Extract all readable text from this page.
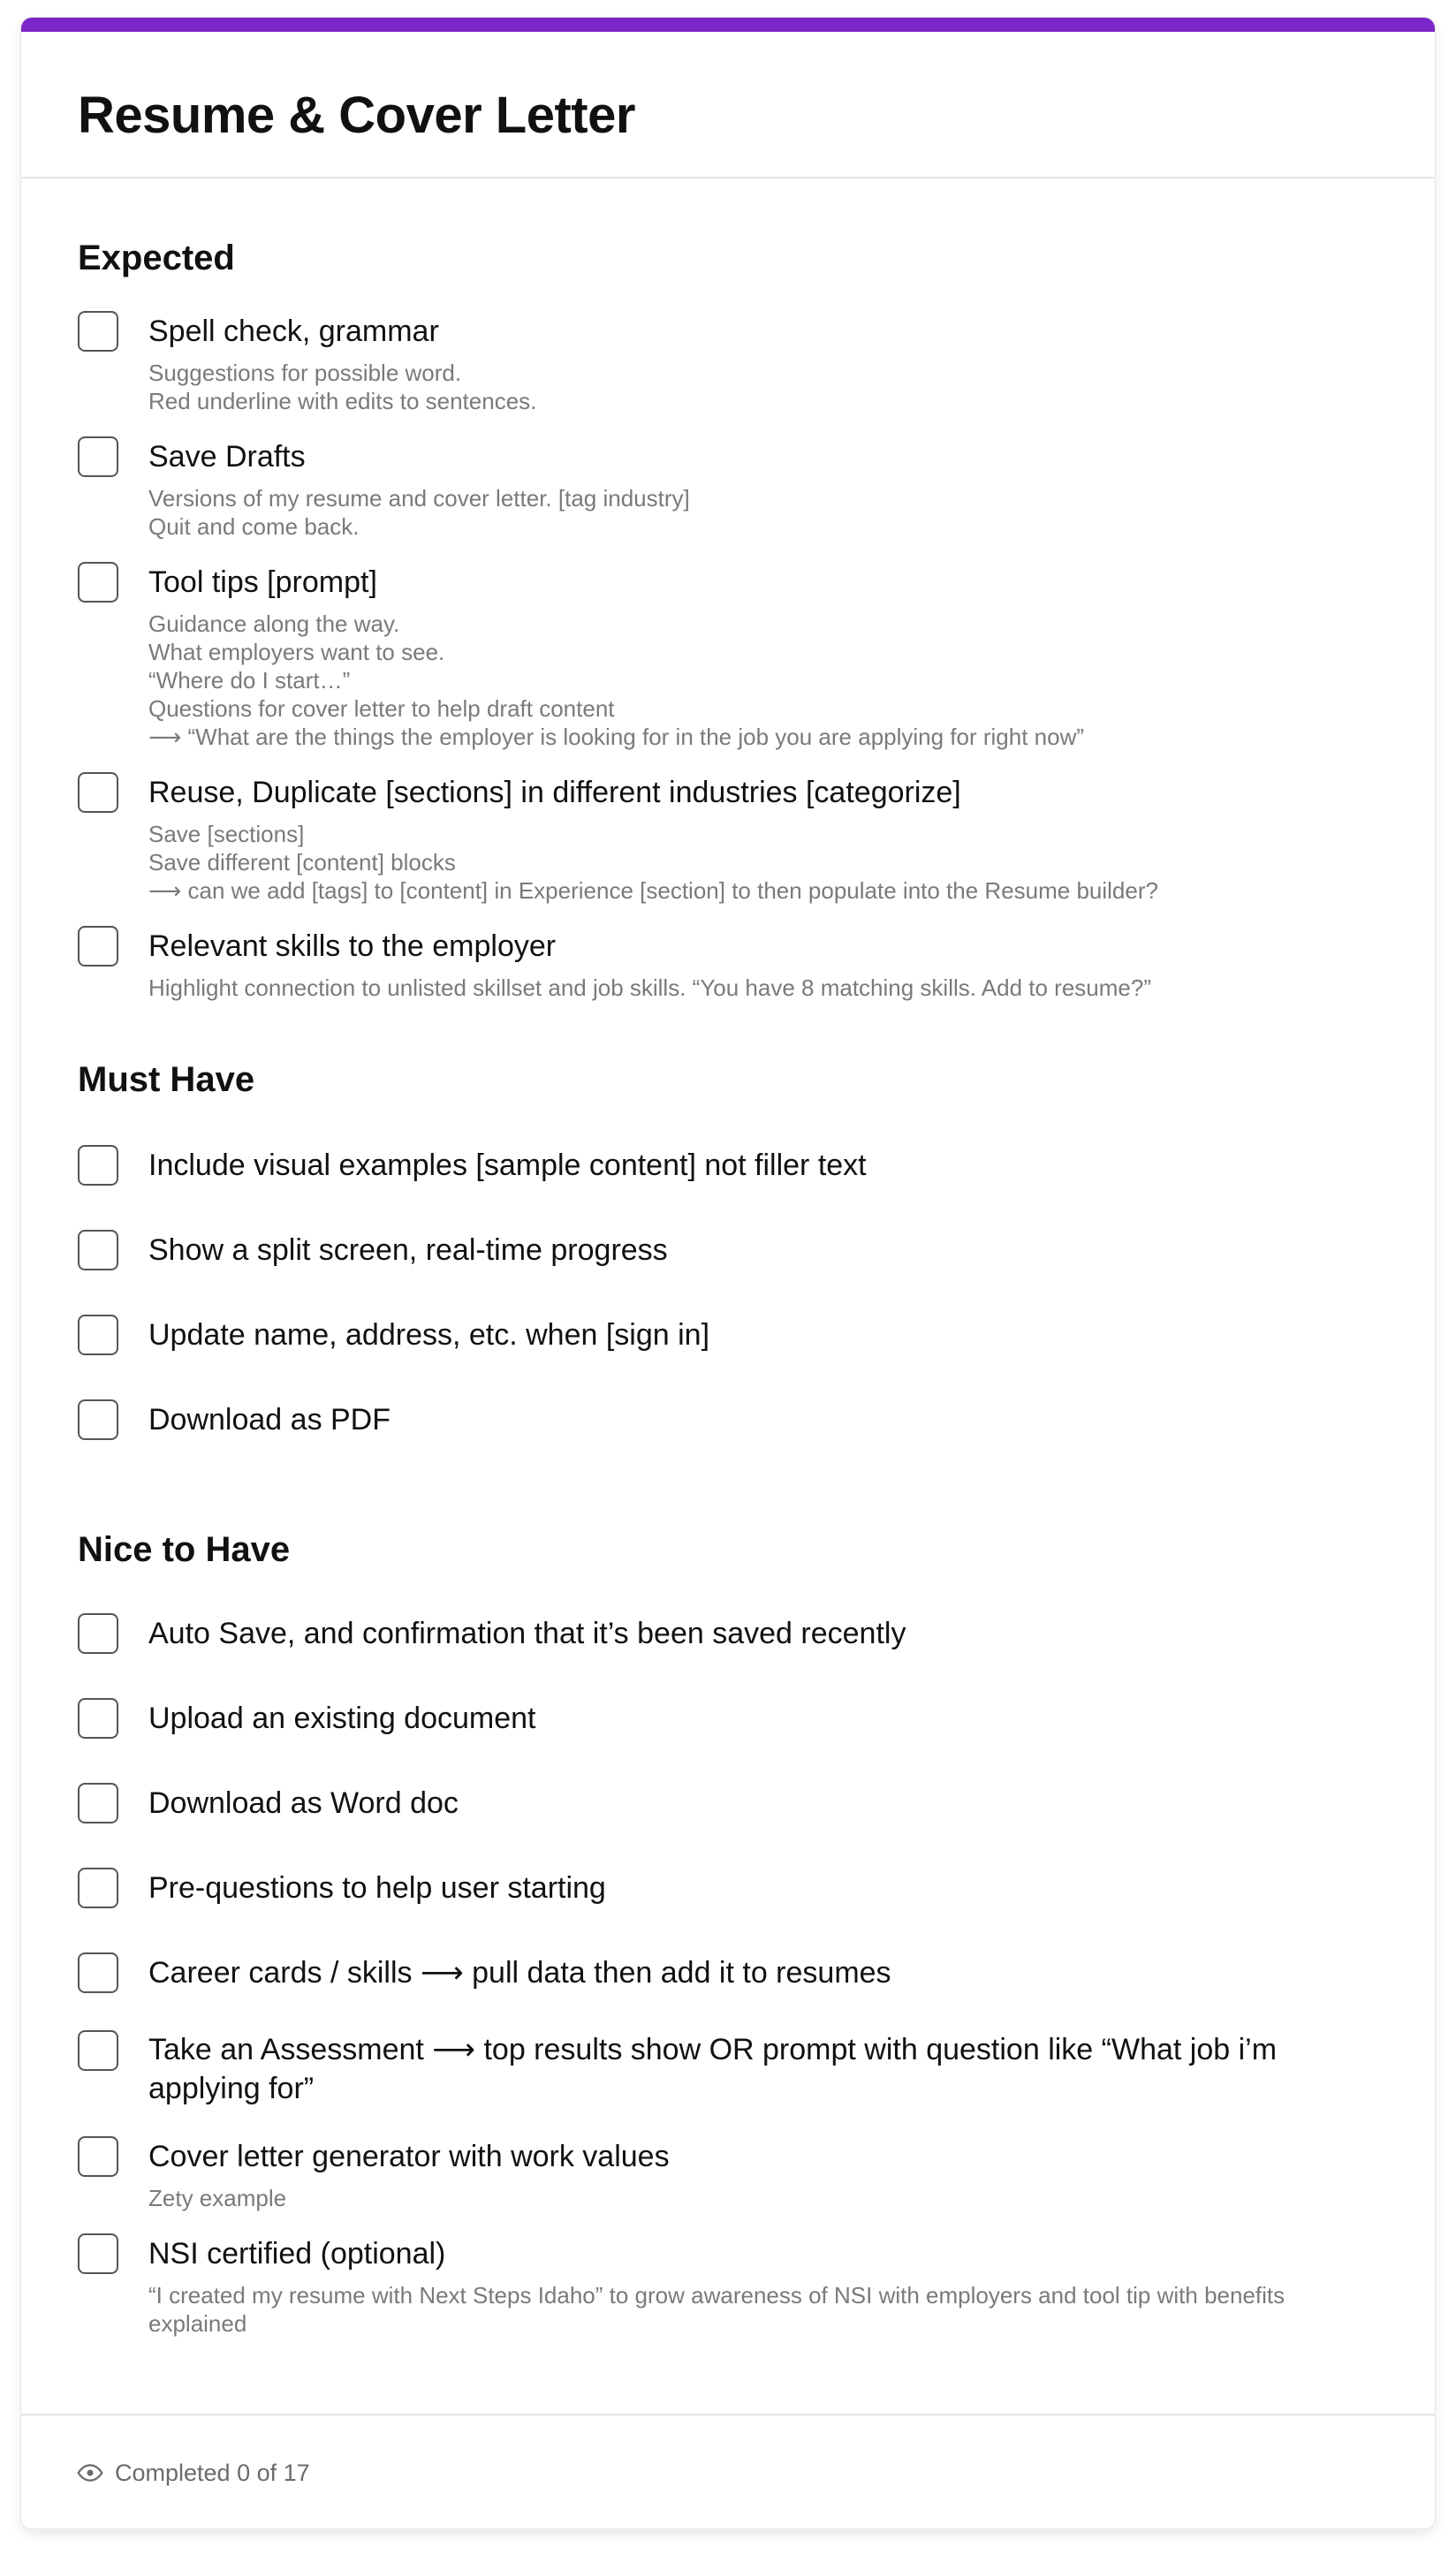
Resume & Cover Letter
Expected
Spell check, grammar
Suggestions for possible word.
Red underline with edits to sentences.
Save Drafts
Versions of my resume and cover letter. [tag industry]
Quit and come back.
Tool tips [prompt]
Guidance along the way.
What employers want to see.
“Where do I start…”
Questions for cover letter to help draft content
⟶ “What are the things the employer is looking for in the job you are applying for right now”
Reuse, Duplicate [sections] in different industries [categorize]
Save [sections]
Save different [content] blocks
⟶ can we add [tags] to [content] in Experience [section] to then populate into the Resume builder?
Relevant skills to the employer
Highlight connection to unlisted skillset and job skills. “You have 8 matching skills. Add to resume?”
Must Have
Include visual examples [sample content] not filler text
Show a split screen, real-time progress
Update name, address, etc. when [sign in]
Download as PDF
Nice to Have
Auto Save, and confirmation that it’s been saved recently
Upload an existing document
Download as Word doc
Pre-questions to help user starting
Career cards / skills ⟶ pull data then add it to resumes
Take an Assessment ⟶ top results show OR prompt with question like “What job i’m applying for”
Cover letter generator with work values
Zety example
NSI certified (optional)
“I created my resume with Next Steps Idaho” to grow awareness of NSI with employers and tool tip with benefits explained
Completed 0 of 17
